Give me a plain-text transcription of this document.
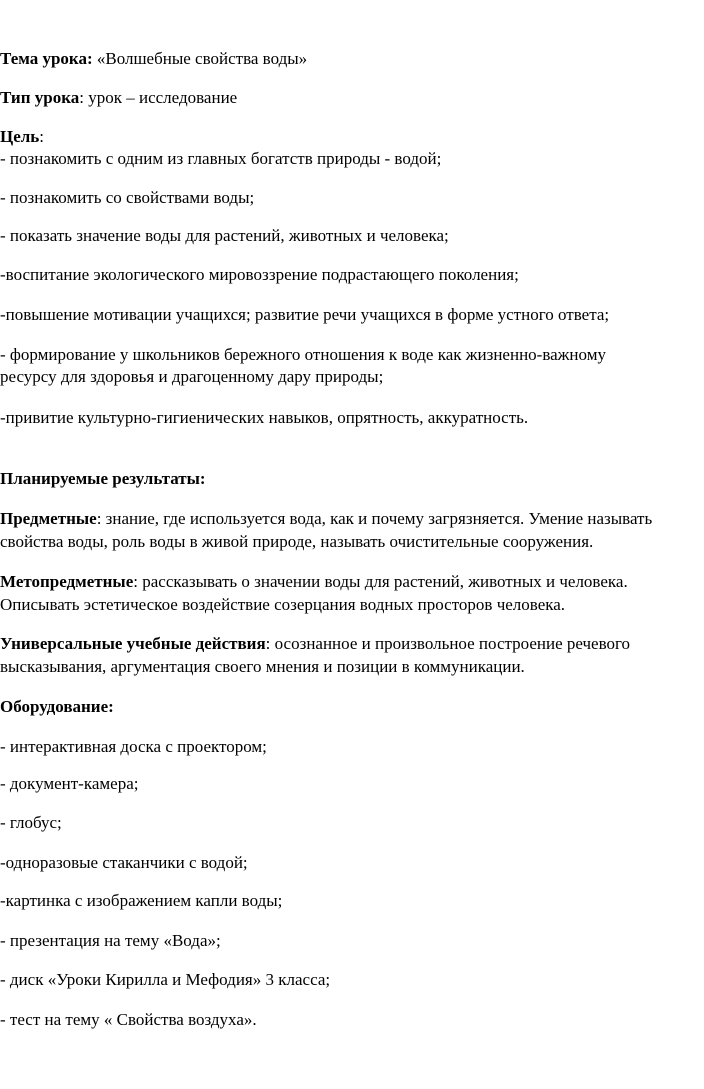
Тема урока: «Волшебные свойства воды»
Тип урока: урок – исследование
Цель:
- познакомить с одним из главных богатств природы - водой;
- познакомить со свойствами воды;
- показать значение воды для растений, животных и человека;
-воспитание экологического мировоззрение подрастающего поколения;
-повышение мотивации учащихся; развитие речи учащихся в форме устного ответа;
- формирование у школьников бережного отношения к воде как жизненно-важному
ресурсу для здоровья и драгоценному дару природы;
-привитие культурно-гигиенических навыков, опрятность, аккуратность.
Планируемые результаты:
Предметные: знание, где используется вода, как и почему загрязняется. Умение называть
свойства воды, роль воды в живой природе, называть очистительные сооружения.
Метопредметные: рассказывать о значении воды для растений, животных и человека.
Описывать эстетическое воздействие созерцания водных просторов человека.
Универсальные учебные действия: осознанное и произвольное построение речевого
высказывания, аргументация своего мнения и позиции в коммуникации.
Оборудование:
- интерактивная доска с проектором;
- документ-камера;
- глобус;
-одноразовые стаканчики с водой;
-картинка с изображением капли воды;
- презентация на тему «Вода»;
- диск «Уроки Кирилла и Мефодия» 3 класса;
- тест на тему « Свойства воздуха».
